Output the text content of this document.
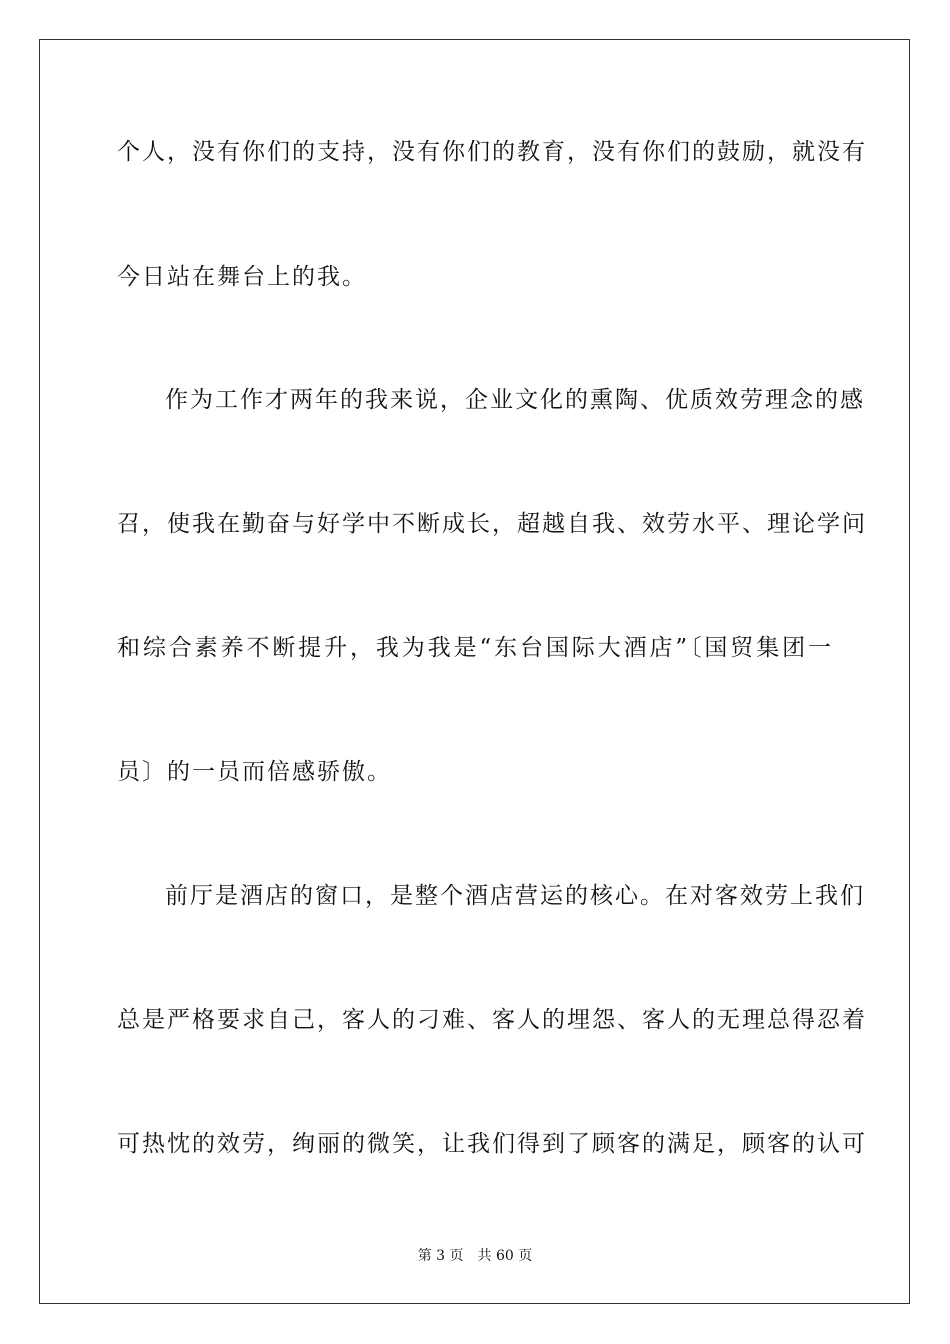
个人，没有你们的支持，没有你们的教育，没有你们的鼓励，就没有
今日站在舞台上的我。
作为工作才两年的我来说，企业文化的熏陶、优质效劳理念的感
召，使我在勤奋与好学中不断成长，超越自我、效劳水平、理论学问
和综合素养不断提升，我为我是“东台国际大酒店”〔国贸集团一
员〕的一员而倍感骄傲。
前厅是酒店的窗口，是整个酒店营运的核心。在对客效劳上我们
总是严格要求自己，客人的刁难、客人的埋怨、客人的无理总得忍着
可热忱的效劳，绚丽的微笑，让我们得到了顾客的满足，顾客的认可
第 3 页 共 60 页
